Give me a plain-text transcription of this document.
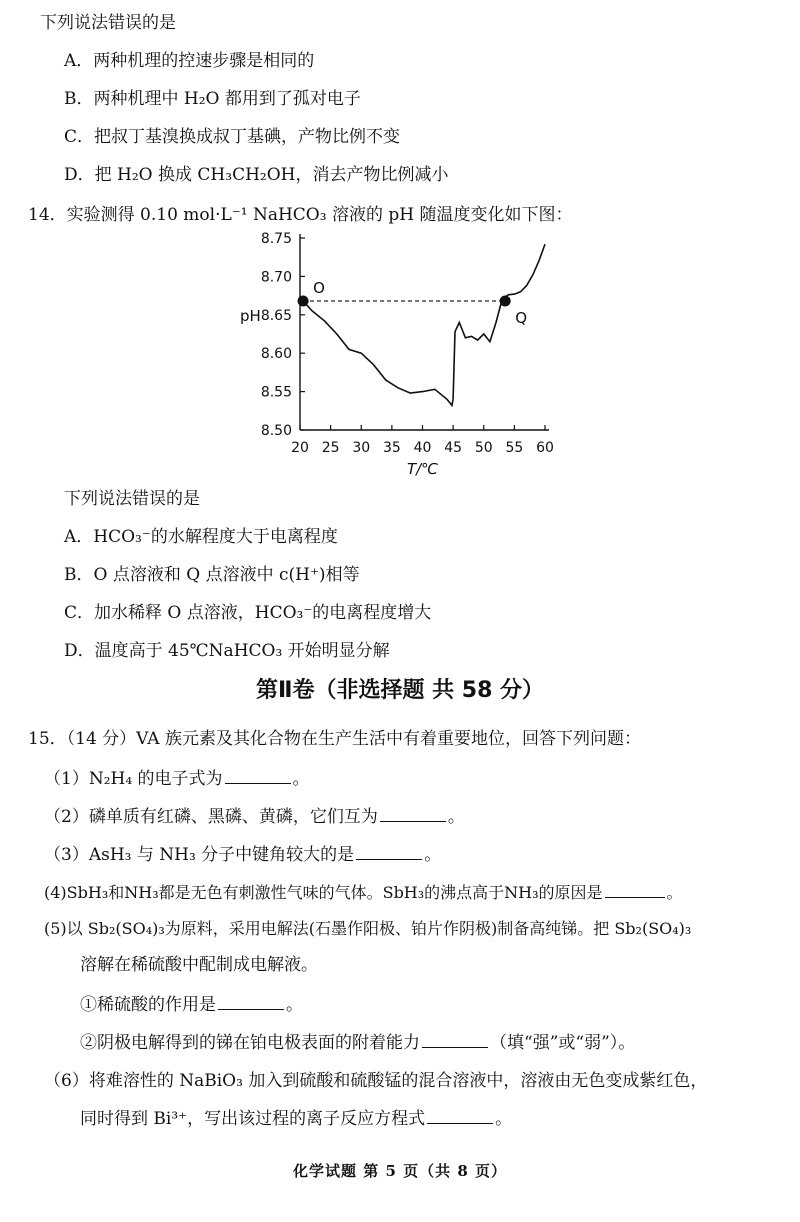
下列说法错误的是
A．两种机理的控速步骤是相同的
B．两种机理中 H₂O 都用到了孤对电子
C．把叔丁基溴换成叔丁基碘，产物比例不变
D．把 H₂O 换成 CH₃CH₂OH，消去产物比例减小
14．实验测得 0.10 mol·L⁻¹ NaHCO₃ 溶液的 pH 随温度变化如下图：
20 25 30 35 40 45 50 55 60
8.50
8.55
8.60
8.65
8.70
8.75
O
Q
pH
T/℃
下列说法错误的是
A．HCO₃⁻的水解程度大于电离程度
B．O 点溶液和 Q 点溶液中 c(H⁺)相等
C．加水稀释 O 点溶液，HCO₃⁻的电离程度增大
D．温度高于 45℃NaHCO₃ 开始明显分解
第Ⅱ卷（非选择题 共 58 分）
15．（14 分）VA 族元素及其化合物在生产生活中有着重要地位，回答下列问题：
（1）N₂H₄ 的电子式为	。
（2）磷单质有红磷、黑磷、黄磷，它们互为	。
（3）AsH₃ 与 NH₃ 分子中键角较大的是	。
(4)SbH₃和NH₃都是无色有刺激性气味的气体。SbH₃的沸点高于NH₃的原因是	。
(5)以 Sb₂(SO₄)₃为原料，采用电解法(石墨作阳极、铂片作阴极)制备高纯锑。把 Sb₂(SO₄)₃
溶解在稀硫酸中配制成电解液。
①稀硫酸的作用是	。
②阴极电解得到的锑在铂电极表面的附着能力	（填“强”或“弱”）。
（6）将难溶性的 NaBiO₃ 加入到硫酸和硫酸锰的混合溶液中，溶液由无色变成紫红色，
同时得到 Bi³⁺，写出该过程的离子反应方程式	。
化学试题 第 5 页（共 8 页）
